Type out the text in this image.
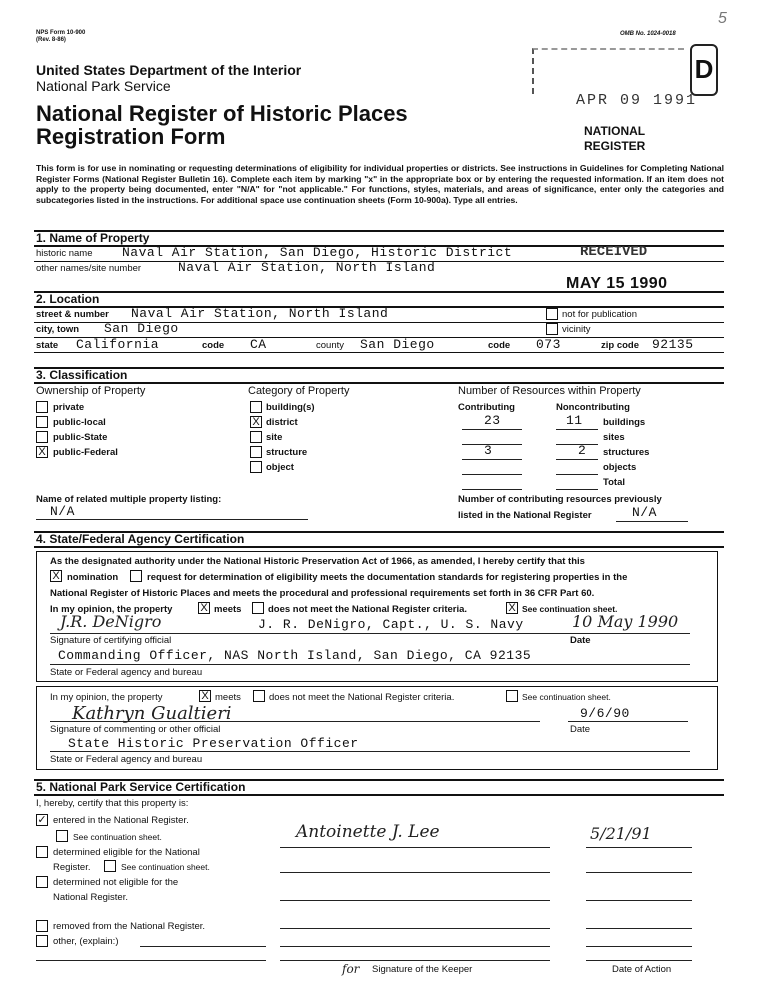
NPS Form 10-900
(Rev. 8-86)
OMB No. 1024-0018
5
United States Department of the Interior
National Park Service
National Register of Historic Places
Registration Form
D
APR 09 1991
NATIONAL
REGISTER
This form is for use in nominating or requesting determinations of eligibility for individual properties or districts. See instructions in Guidelines for Completing National Register Forms (National Register Bulletin 16). Complete each item by marking "x" in the appropriate box or by entering the requested information. If an item does not apply to the property being documented, enter "N/A" for "not applicable." For functions, styles, materials, and areas of significance, enter only the categories and subcategories listed in the instructions. For additional space use continuation sheets (Form 10-900a). Type all entries.
1. Name of Property
historic name Naval Air Station, San Diego, Historic District	RECEIVED
other names/site number	Naval Air Station, North Island
MAY 15 1990
2. Location
street & number Naval Air Station, North Island	not for publication
city, town San Diego	vicinity
state California	code CA	county San Diego	code 073	zip code 92135
3. Classification
Ownership of Property
private
public-local
public-State
X public-Federal
Category of Property
building(s)
X district
site
structure
object
Number of Resources within Property
Contributing	Noncontributing
23	11 buildings
sites
3	2 structures
objects
Total
Name of related multiple property listing:
N/A
Number of contributing resources previously
listed in the National Register	N/A
4. State/Federal Agency Certification
As the designated authority under the National Historic Preservation Act of 1966, as amended, I hereby certify that this
X nomination	request for determination of eligibility meets the documentation standards for registering properties in the
National Register of Historic Places and meets the procedural and professional requirements set forth in 36 CFR Part 60.
In my opinion, the property	X meets	does not meet the National Register criteria.	X See continuation sheet.
J.R. DeNigro	J. R. DeNigro, Capt., U. S. Navy	10 May 1990
Signature of certifying official	Date
Commanding Officer, NAS North Island, San Diego, CA 92135
State or Federal agency and bureau
In my opinion, the property	X meets	does not meet the National Register criteria.	See continuation sheet.
Kathryn Gualtieri	9/6/90
Signature of commenting or other official	Date
State Historic Preservation Officer
State or Federal agency and bureau
5. National Park Service Certification
I, hereby, certify that this property is:
✓ entered in the National Register.
See continuation sheet.	Antoinette J. Lee	5/21/91
determined eligible for the National
Register.	See continuation sheet.
determined not eligible for the
National Register.
removed from the National Register.
other, (explain:)
for Signature of the Keeper	Date of Action
